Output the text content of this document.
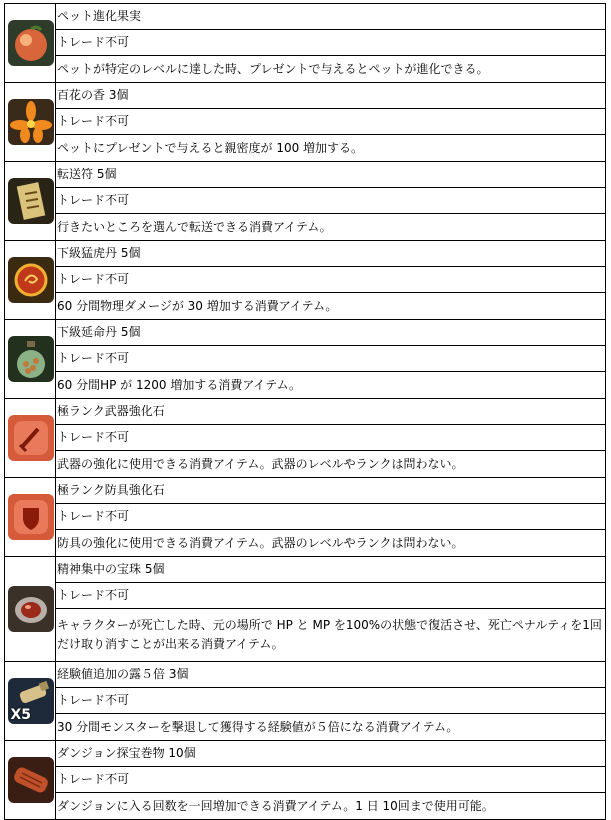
	ペット進化果実
	トレード不可
	ペットが特定のレベルに達した時、プレゼントで与えるとペットが進化できる。

	百花の香 3個
	トレード不可
	ペットにプレゼントで与えると親密度が 100 増加する。

	転送符 5個
	トレード不可
	行きたいところを選んで転送できる消費アイテム。

	下級猛虎丹 5個
	トレード不可
	60 分間物理ダメージが 30 増加する消費アイテム。

	下級延命丹 5個
	トレード不可
	60 分間HP が 1200 増加する消費アイテム。

	極ランク武器強化石
	トレード不可
	武器の強化に使用できる消費アイテム。武器のレベルやランクは問わない。

	極ランク防具強化石
	トレード不可
	防具の強化に使用できる消費アイテム。武器のレベルやランクは問わない。

	精神集中の宝珠 5個
	トレード不可
	キャラクターが死亡した時、元の場所で HP と MP を100%の状態で復活させ、死亡ペナルティを1回だけ取り消すことが出来る消費アイテム。

X5	経験値追加の露５倍 3個
	トレード不可
	30 分間モンスターを撃退して獲得する経験値が５倍になる消費アイテム。

	ダンジョン探宝巻物 10個
	トレード不可
	ダンジョンに入る回数を一回増加できる消費アイテム。1 日 10回まで使用可能。
